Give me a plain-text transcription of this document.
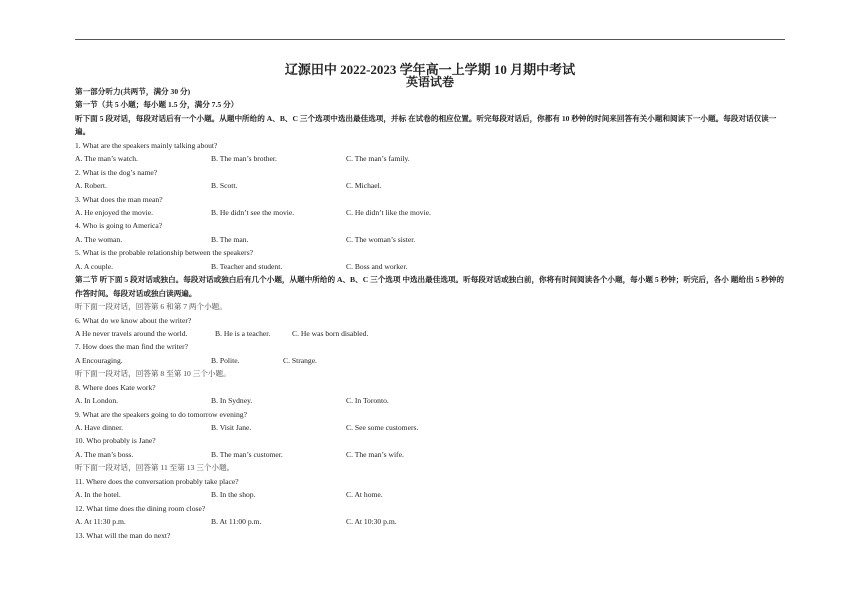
辽源田中 2022-2023 学年高一上学期 10 月期中考试
英语试卷
第一部分听力(共两节，满分 30 分)
第一节（共 5 小题；每小题 1.5 分，满分 7.5 分）
听下面 5 段对话，每段对话后有一个小题。从题中所给的 A、B、C 三个选项中选出最佳选项，并标 在试卷的相应位置。听完每段对话后，你都有 10 秒钟的时间来回答有关小题和阅读下一小题。每段对话仅读一遍。
1. What are the speakers mainly talking about?
A. The man’s watch.	B. The man’s brother.	C. The man’s family.
2. What is the dog’s name?
A. Robert.	B. Scott.	C. Michael.
3. What does the man mean?
A. He enjoyed the movie.	B. He didn’t see the movie.	C. He didn’t like the movie.
4. Who is going to America?
A. The woman.	B. The man.	C. The woman’s sister.
5. What is the probable relationship between the speakers?
A. A couple.	B. Teacher and student.	C. Boss and worker.
第二节 听下面 5 段对话或独白。每段对话或独白后有几个小题，从题中所给的 A、B、C 三个选项 中选出最佳选项。听每段对话或独白前，你将有时间阅读各个小题，每小题 5 秒钟；听完后，各小 题给出 5 秒钟的作答时间。每段对话或独白读两遍。
听下面一段对话，回答第 6 和第 7 两个小题。
6. What do we know about the writer?
A He never travels around the world.	B. He is a teacher.	C. He was born disabled.
7. How does the man find the writer?
A Encouraging.	B. Polite.	C. Strange.
听下面一段对话，回答第 8 至第 10 三个小题。
8. Where does Kate work?
A. In London.	B. In Sydney.	C. In Toronto.
9. What are the speakers going to do tomorrow evening?
A. Have dinner.	B. Visit Jane.	C. See some customers.
10. Who probably is Jane?
A. The man’s boss.	B. The man’s customer.	C. The man’s wife.
听下面一段对话，回答第 11 至第 13 三个小题。
11. Where does the conversation probably take place?
A. In the hotel.	B. In the shop.	C. At home.
12. What time does the dining room close?
A. At 11:30 p.m.	B. At 11:00 p.m.	C. At 10:30 p.m.
13. What will the man do next?
